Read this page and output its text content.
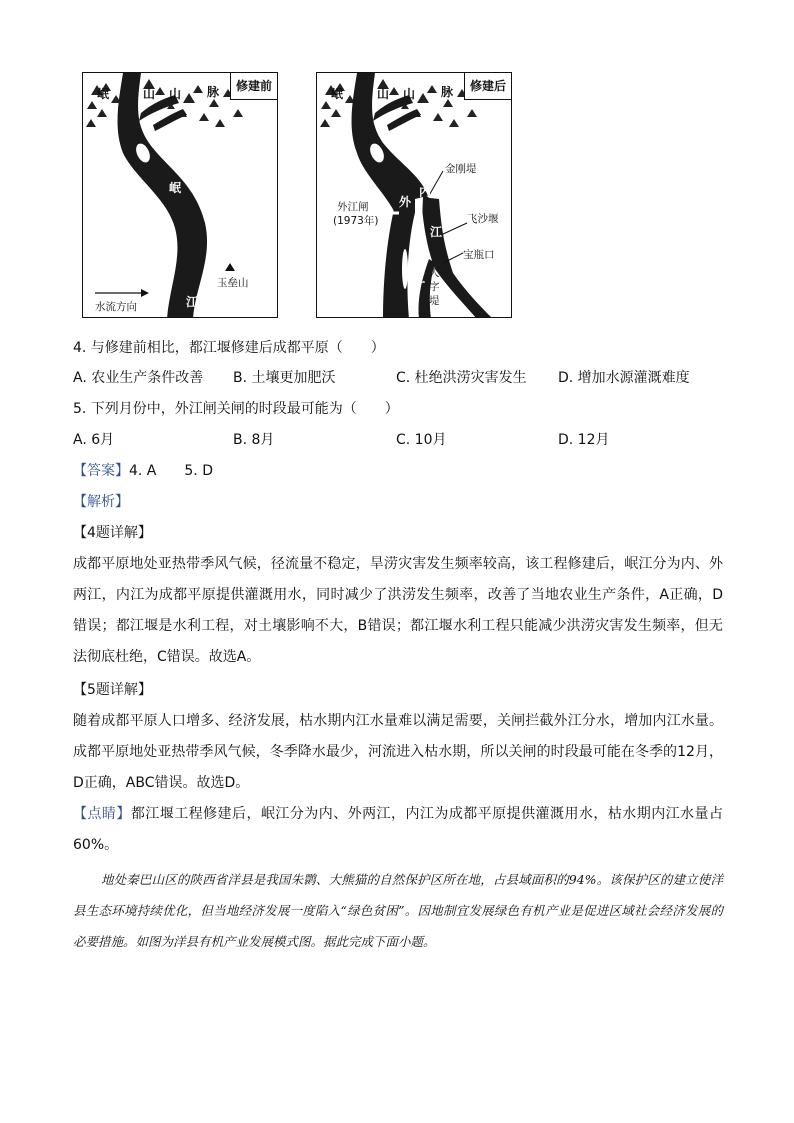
修建前
岷	山 山 脉
岷
江
玉垒山
水流方向
修建后
岷	山 山 脉
外江闸
(1973年)
外
江
内
江
金刚堤
飞沙堰
宝瓶口
人
字
堤
4. 与修建前相比，都江堰修建后成都平原（　　）
A. 农业生产条件改善 B. 土壤更加肥沃	C. 杜绝洪涝灾害发生 D. 增加水源灌溉难度
5. 下列月份中，外江闸关闸的时段最可能为（　　）
A. 6月	B. 8月	C. 10月	D. 12月
【答案】4. A　　5. D
【解析】
【4题详解】
成都平原地处亚热带季风气候，径流量不稳定，旱涝灾害发生频率较高，该工程修建后，岷江分为内、外两江，内江为成都平原提供灌溉用水，同时减少了洪涝发生频率，改善了当地农业生产条件，A正确，D错误；都江堰是水利工程，对土壤影响不大，B错误；都江堰水利工程只能减少洪涝灾害发生频率，但无法彻底杜绝，C错误。故选A。
【5题详解】
随着成都平原人口增多、经济发展，枯水期内江水量难以满足需要，关闸拦截外江分水，增加内江水量。成都平原地处亚热带季风气候，冬季降水最少，河流进入枯水期，所以关闸的时段最可能在冬季的12月，D正确，ABC错误。故选D。
【点睛】都江堰工程修建后，岷江分为内、外两江，内江为成都平原提供灌溉用水，枯水期内江水量占60%。
地处秦巴山区的陕西省洋县是我国朱鹮、大熊猫的自然保护区所在地，占县域面积的94%。该保护区的建立使洋县生态环境持续优化，但当地经济发展一度陷入“绿色贫困”。因地制宜发展绿色有机产业是促进区域社会经济发展的必要措施。如图为洋县有机产业发展模式图。据此完成下面小题。
